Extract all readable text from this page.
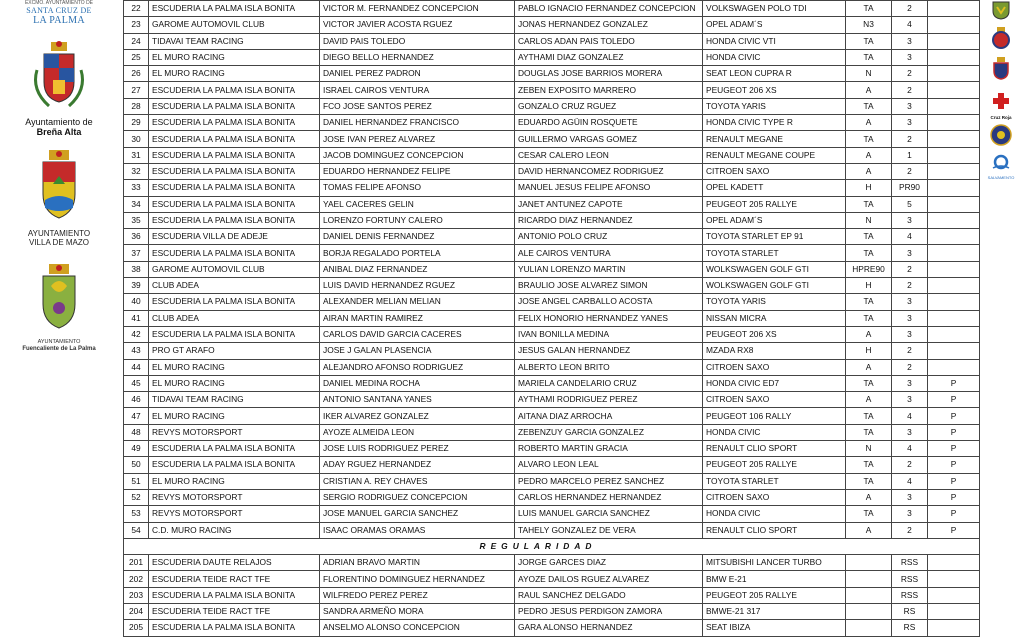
EXCMO. AYUNTAMIENTO DE
SANTA CRUZ DE
LA PALMA
Ayuntamiento de
Breña Alta
AYUNTAMIENTO
VILLA DE MAZO
AYUNTAMIENTO
Fuencaliente de La Palma
Cruz Roja
SALVAMENTO
22	ESCUDERIA LA PALMA ISLA BONITA	VICTOR M. FERNANDEZ CONCEPCION	PABLO IGNACIO FERNANDEZ CONCEPCION	VOLKSWAGEN POLO TDI	TA	2	
23	GAROME AUTOMOVIL CLUB	VICTOR JAVIER ACOSTA RGUEZ	JONAS HERNANDEZ GONZALEZ	OPEL ADAM´S	N3	4	
24	TIDAVAI TEAM RACING	DAVID PAIS TOLEDO	CARLOS ADAN PAIS TOLEDO	HONDA CIVIC VTI	TA	3	
25	EL MURO RACING	DIEGO BELLO HERNANDEZ	AYTHAMI DIAZ GONZALEZ	HONDA CIVIC	TA	3	
26	EL MURO RACING	DANIEL PEREZ PADRON	DOUGLAS JOSE BARRIOS MORERA	SEAT LEON CUPRA R	N	2	
27	ESCUDERIA LA PALMA ISLA BONITA	ISRAEL CAIROS VENTURA	ZEBEN EXPOSITO MARRERO	PEUGEOT 206 XS	A	2	
28	ESCUDERIA LA PALMA ISLA BONITA	FCO JOSE SANTOS PEREZ	GONZALO CRUZ RGUEZ	TOYOTA YARIS	TA	3	
29	ESCUDERIA LA PALMA ISLA BONITA	DANIEL HERNANDEZ FRANCISCO	EDUARDO AGÜIN ROSQUETE	HONDA CIVIC TYPE R	A	3	
30	ESCUDERIA LA PALMA ISLA BONITA	JOSE IVAN PEREZ ALVAREZ	GUILLERMO VARGAS GOMEZ	RENAULT MEGANE	TA	2	
31	ESCUDERIA LA PALMA ISLA BONITA	JACOB DOMINGUEZ CONCEPCION	CESAR CALERO LEON	RENAULT MEGANE COUPE	A	1	
32	ESCUDERIA LA PALMA ISLA BONITA	EDUARDO HERNANDEZ FELIPE	DAVID HERNANCOMEZ RODRIGUEZ	CITROEN SAXO	A	2	
33	ESCUDERIA LA PALMA ISLA BONITA	TOMAS FELIPE AFONSO	MANUEL JESUS FELIPE AFONSO	OPEL KADETT	H	PR90	
34	ESCUDERIA LA PALMA ISLA BONITA	YAEL CACERES GELIN	JANET ANTUNEZ CAPOTE	PEUGEOT 205 RALLYE	TA	5	
35	ESCUDERIA LA PALMA ISLA BONITA	LORENZO FORTUNY CALERO	RICARDO DIAZ HERNANDEZ	OPEL ADAM´S	N	3	
36	ESCUDERIA VILLA DE ADEJE	DANIEL DENIS FERNANDEZ	ANTONIO POLO CRUZ	TOYOTA STARLET EP 91	TA	4	
37	ESCUDERIA LA PALMA ISLA BONITA	BORJA REGALADO PORTELA	ALE CAIROS VENTURA	TOYOTA STARLET	TA	3	
38	GAROME AUTOMOVIL CLUB	ANIBAL DIAZ FERNANDEZ	YULIAN LORENZO MARTIN	WOLKSWAGEN GOLF GTI	HPRE90	2	
39	CLUB ADEA	LUIS DAVID HERNANDEZ RGUEZ	BRAULIO JOSE ALVAREZ SIMON	WOLKSWAGEN GOLF GTI	H	2	
40	ESCUDERIA LA PALMA ISLA BONITA	ALEXANDER MELIAN MELIAN	JOSE ANGEL CARBALLO ACOSTA	TOYOTA YARIS	TA	3	
41	CLUB ADEA	AIRAN MARTIN RAMIREZ	FELIX HONORIO HERNANDEZ YANES	NISSAN MICRA	TA	3	
42	ESCUDERIA LA PALMA ISLA BONITA	CARLOS DAVID GARCIA CACERES	IVAN BONILLA MEDINA	PEUGEOT 206 XS	A	3	
43	PRO GT ARAFO	JOSE J GALAN PLASENCIA	JESUS GALAN HERNANDEZ	MZADA RX8	H	2	
44	EL MURO RACING	ALEJANDRO AFONSO RODRIGUEZ	ALBERTO LEON BRITO	CITROEN SAXO	A	2	
45	EL MURO RACING	DANIEL MEDINA ROCHA	MARIELA CANDELARIO CRUZ	HONDA CIVIC ED7	TA	3	P
46	TIDAVAI TEAM RACING	ANTONIO SANTANA YANES	AYTHAMI RODRIGUEZ PEREZ	CITROEN SAXO	A	3	P
47	EL MURO RACING	IKER ALVAREZ GONZALEZ	AITANA DIAZ ARROCHA	PEUGEOT 106 RALLY	TA	4	P
48	REVYS MOTORSPORT	AYOZE ALMEIDA LEON	ZEBENZUY GARCIA GONZALEZ	HONDA CIVIC	TA	3	P
49	ESCUDERIA LA PALMA ISLA BONITA	JOSE LUIS RODRIGUEZ PEREZ	ROBERTO MARTIN GRACIA	RENAULT CLIO SPORT	N	4	P
50	ESCUDERIA LA PALMA ISLA BONITA	ADAY RGUEZ HERNANDEZ	ALVARO LEON LEAL	PEUGEOT 205 RALLYE	TA	2	P
51	EL MURO RACING	CRISTIAN A. REY CHAVES	PEDRO MARCELO PEREZ SANCHEZ	TOYOTA STARLET	TA	4	P
52	REVYS MOTORSPORT	SERGIO RODRIGUEZ CONCEPCION	CARLOS HERNANDEZ HERNANDEZ	CITROEN SAXO	A	3	P
53	REVYS MOTORSPORT	JOSE MANUEL GARCIA SANCHEZ	LUIS MANUEL GARCIA SANCHEZ	HONDA CIVIC	TA	3	P
54	C.D. MURO RACING	ISAAC ORAMAS ORAMAS	TAHELY GONZALEZ DE VERA	RENAULT CLIO SPORT	A	2	P
	REGULARIDAD						
201	ESCUDERIA DAUTE RELAJOS	ADRIAN BRAVO MARTIN	JORGE GARCES DIAZ	MITSUBISHI LANCER TURBO		RSS	
202	ESCUDERIA TEIDE RACT TFE	FLORENTINO DOMINGUEZ HERNANDEZ	AYOZE DAILOS RGUEZ ALVAREZ	BMW E-21		RSS	
203	ESCUDERIA LA PALMA ISLA BONITA	WILFREDO PEREZ PEREZ	RAUL SANCHEZ DELGADO	PEUGEOT 205 RALLYE		RSS	
204	ESCUDERIA TEIDE RACT TFE	SANDRA ARMEÑO MORA	PEDRO JESUS PERDIGON ZAMORA	BMWE-21 317		RS	
205	ESCUDERIA LA PALMA ISLA BONITA	ANSELMO ALONSO CONCEPCION	GARA ALONSO HERNANDEZ	SEAT IBIZA		RS	
